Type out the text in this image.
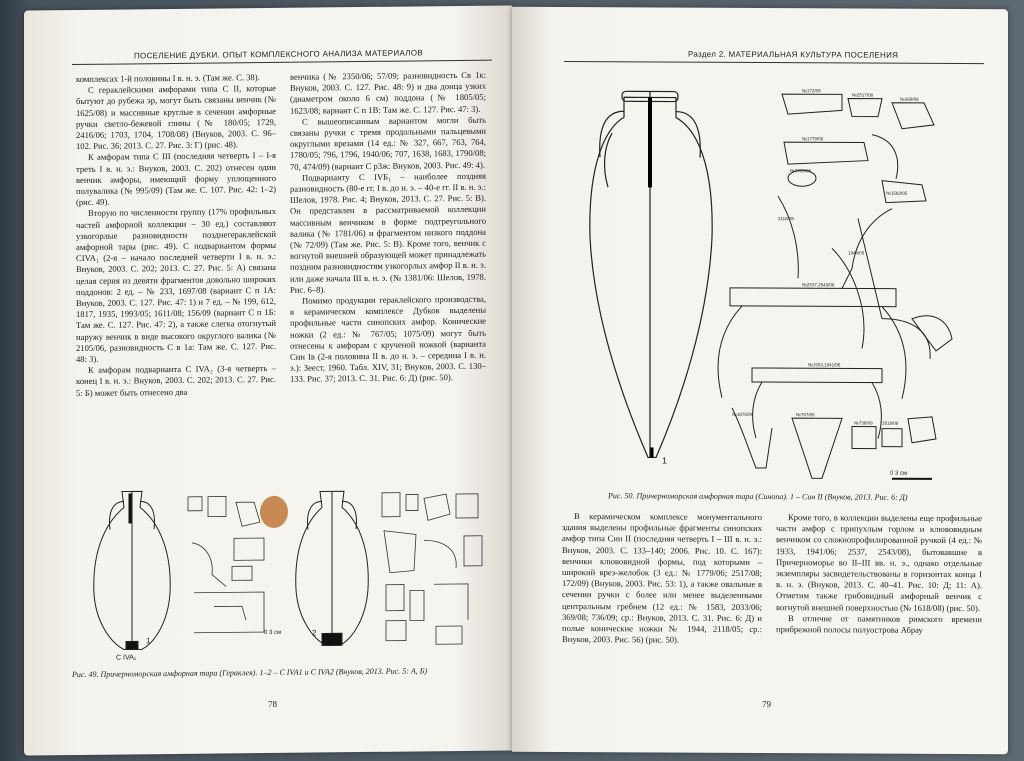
ПОСЕЛЕНИЕ ДУБКИ. ОПЫТ КОМПЛЕКСНОГО АНАЛИЗА МАТЕРИАЛОВ

комплексах 1-й половины I в. н. э. (Там же. С. 38).

С гераклейскими амфорами типа С II, которые бытуют до рубежа эр, могут быть связаны венчик (№ 1625/08) и массивные круглые в сечении амфорные ручки светло-бежевой глины (№ 180/05; 1729, 2416/06; 1703, 1704, 1708/08) (Внуков, 2003. С. 96–102. Рис. 36; 2013. С. 27. Рис. 3: Г) (рис. 48).

К амфорам типа С III (последняя четверть I – I-я треть I в. н. э.: Внуков, 2003. С. 202) отнесен один венчик амфоры, имеющий форму уплощенного полувалика (№ 995/09) (Там же. С. 107. Рис. 42: 1–2) (рис. 49).

Вторую по численности группу (17% профильных частей амфорной коллекции – 30 ед.) составляют узкогорлые разновидности позднегераклейской амфорной тары (рис. 49). С подвариантом формы CIVA₁ (2-я – начало последней четверти I в. н. э.: Внуков, 2003. С. 202; 2013. С. 27. Рис. 5: А) связана целая серия из девяти фрагментов довольно широких поддонов: 2 ед. – № 233, 1697/08 (вариант С п 1А: Внуков, 2003. С. 127. Рис. 47: 1) и 7 ед. – № 199, 612, 1817, 1935, 1993/05; 1611/08; 156/09 (вариант С п 1Б: Там же. С. 127. Рис. 47: 2), а также слегка отогнутый наружу венчик в виде высокого округлого валика (№ 2105/06, разновидность С в 1а: Там же. С. 127. Рис. 48: 3).

К амфорам подварианта С IVA₂ (3-я четверть – конец I в. н. э.: Внуков, 2003. С. 202; 2013. С. 27. Рис. 5: Б) может быть отнесено два

венчика (№ 2350/06; 57/09; разновидность Св 1к: Внуков, 2003. С. 127. Рис. 48: 9) и два донца узких (диаметром около 6 см) поддона (№ 1805/05; 1623/08; вариант С п 1В: Там же. С. 127. Рис. 47: 3).

С вышеописанным вариантом могли быть связаны ручки с тремя продольными пальцевыми округлыми врезами (14 ед.: № 327, 667, 763, 764, 1780/05; 796, 1796, 1940/06; 707, 1638, 1683, 1790/08; 70, 474/09) (вариант С р3ж: Внуков, 2003. Рис. 49: 4).

Подварианту С IVБ₁ – наиболее поздняя разновидность (80-е гг. I в. до н. э. – 40-е гг. II в. н. э.: Шелов, 1978. Рис. 4; Внуков, 2013. С. 27. Рис. 5: В). Он представлен в рассматриваемой коллекции массивным венчиком в форме подтреугольного валика (№ 1781/06) и фрагментом низкого поддона (№ 72/09) (Там же. Рис. 5: В). Кроме того, венчик с вогнутой внешней образующей может принадлежать поздним разновидностям узкогорлых амфор II в. н. э. или даже начала III в. н. э. (№ 1381/06: Шелов, 1978. Рис. 6–8).

Помимо продукции гераклейского производства, в керамическом комплексе Дубков выделены профильные части синопских амфор. Конические ножки (2 ед.: № 767/05; 1075/09) могут быть отнесены к амфорам с крученой ножкой (варианта Син Iв (2-я половина II в. до н. э. – середина I в. н. э.): Зеест, 1960. Табл. XIV, 31; Внуков, 2003. С. 130–133. Рис. 37; 2013. С. 31. Рис. 6: Д) (рис. 50).

1
C IVA₁
2
0 3 см
Рис. 49. Причерноморская амфорная тара (Гераклея). 1–2 – С IVA1 и С IVA2 (Внуков, 2013. Рис. 5: А, Б)
78
Раздел 2. МАТЕРИАЛЬНАЯ КУЛЬТУРА ПОСЕЛЕНИЯ
1
№172/09
№2517/08
№369/06
№1779/06
№2033/06
№1583/05
2118/05
1944/05
№2537,2543/08
№1933,1941/06
№1675/09	№767/05
№736/09 1618/08
0 3 см
Рис. 50. Причерноморская амфорная тара (Синопа). 1 – Син II (Внуков, 2013. Рис. 6: Д)

В керамическом комплексе монументального здания выделены профильные фрагменты синопских амфор типа Син II (последняя четверть I – III в. н. э.: Внуков, 2003. С. 133–140; 2006. Рис. 10. С. 167): венчики клювовидной формы, под которыми – широкий врез-желобок (3 ед.: № 1779/06; 2517/08; 172/09) (Внуков, 2003. Рис. 53: 1), а также овальные в сечении ручки с более или менее выделенными центральным гребнем (12 ед.: № 1583, 2033/06; 369/08; 736/09; ср.: Внуков, 2013. С. 31. Рис. 6: Д) и полые конические ножки № 1944, 2118/05; ср.: Внуков, 2003. Рис. 56) (рис. 50).

Кроме того, в коллекции выделены еще профильные части амфор с припухлым горлом и клювовидным венчиком со сложнопрофилированной ручкой (4 ед.: № 1933, 1941/06; 2537, 2543/08), бытовавшие в Причерноморье во II–III вв. н. э., однако отдельные экземпляры засвидетельствованы в горизонтах конца I в. н. э. (Внуков, 2013. С. 40–41. Рис. 10: Д; 11: А). Отметим также грибовидный амфорный венчик с вогнутой внешней поверхностью (№ 1618/08) (рис. 50).

В отличие от памятников римского времени прибрежной полосы полуострова Абрау

79
